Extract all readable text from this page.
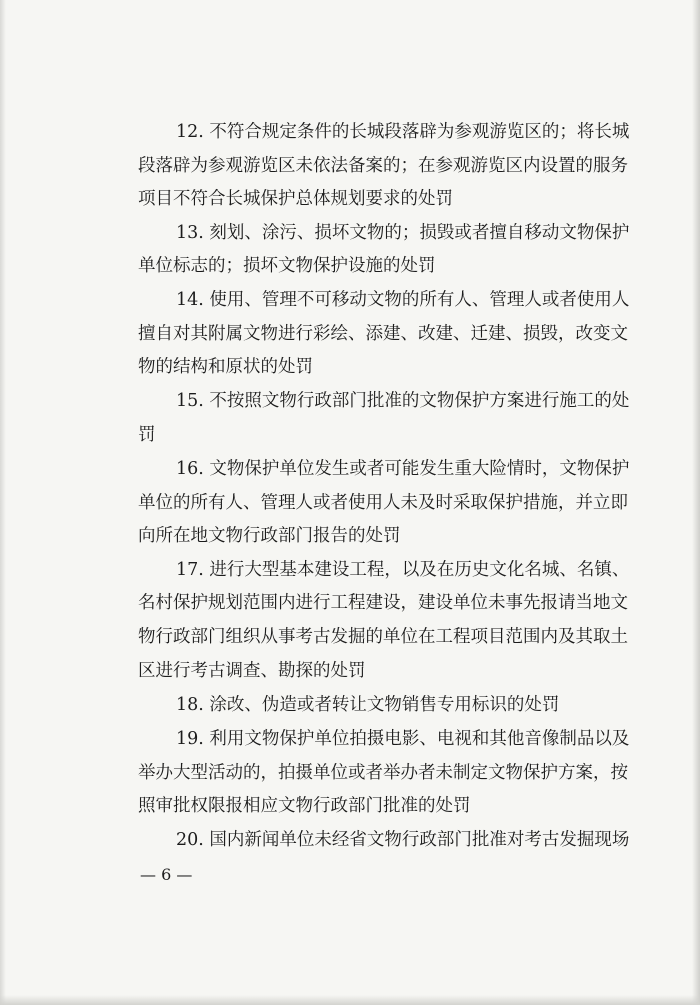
12. 不符合规定条件的长城段落辟为参观游览区的；将长城
段落辟为参观游览区未依法备案的；在参观游览区内设置的服务
项目不符合长城保护总体规划要求的处罚
13. 刻划、涂污、损坏文物的；损毁或者擅自移动文物保护
单位标志的；损坏文物保护设施的处罚
14. 使用、管理不可移动文物的所有人、管理人或者使用人
擅自对其附属文物进行彩绘、添建、改建、迁建、损毁，改变文
物的结构和原状的处罚
15. 不按照文物行政部门批准的文物保护方案进行施工的处
罚
16. 文物保护单位发生或者可能发生重大险情时，文物保护
单位的所有人、管理人或者使用人未及时采取保护措施，并立即
向所在地文物行政部门报告的处罚
17. 进行大型基本建设工程，以及在历史文化名城、名镇、
名村保护规划范围内进行工程建设，建设单位未事先报请当地文
物行政部门组织从事考古发掘的单位在工程项目范围内及其取土
区进行考古调查、勘探的处罚
18. 涂改、伪造或者转让文物销售专用标识的处罚
19. 利用文物保护单位拍摄电影、电视和其他音像制品以及
举办大型活动的，拍摄单位或者举办者未制定文物保护方案，按
照审批权限报相应文物行政部门批准的处罚
20. 国内新闻单位未经省文物行政部门批准对考古发掘现场
— 6 —
